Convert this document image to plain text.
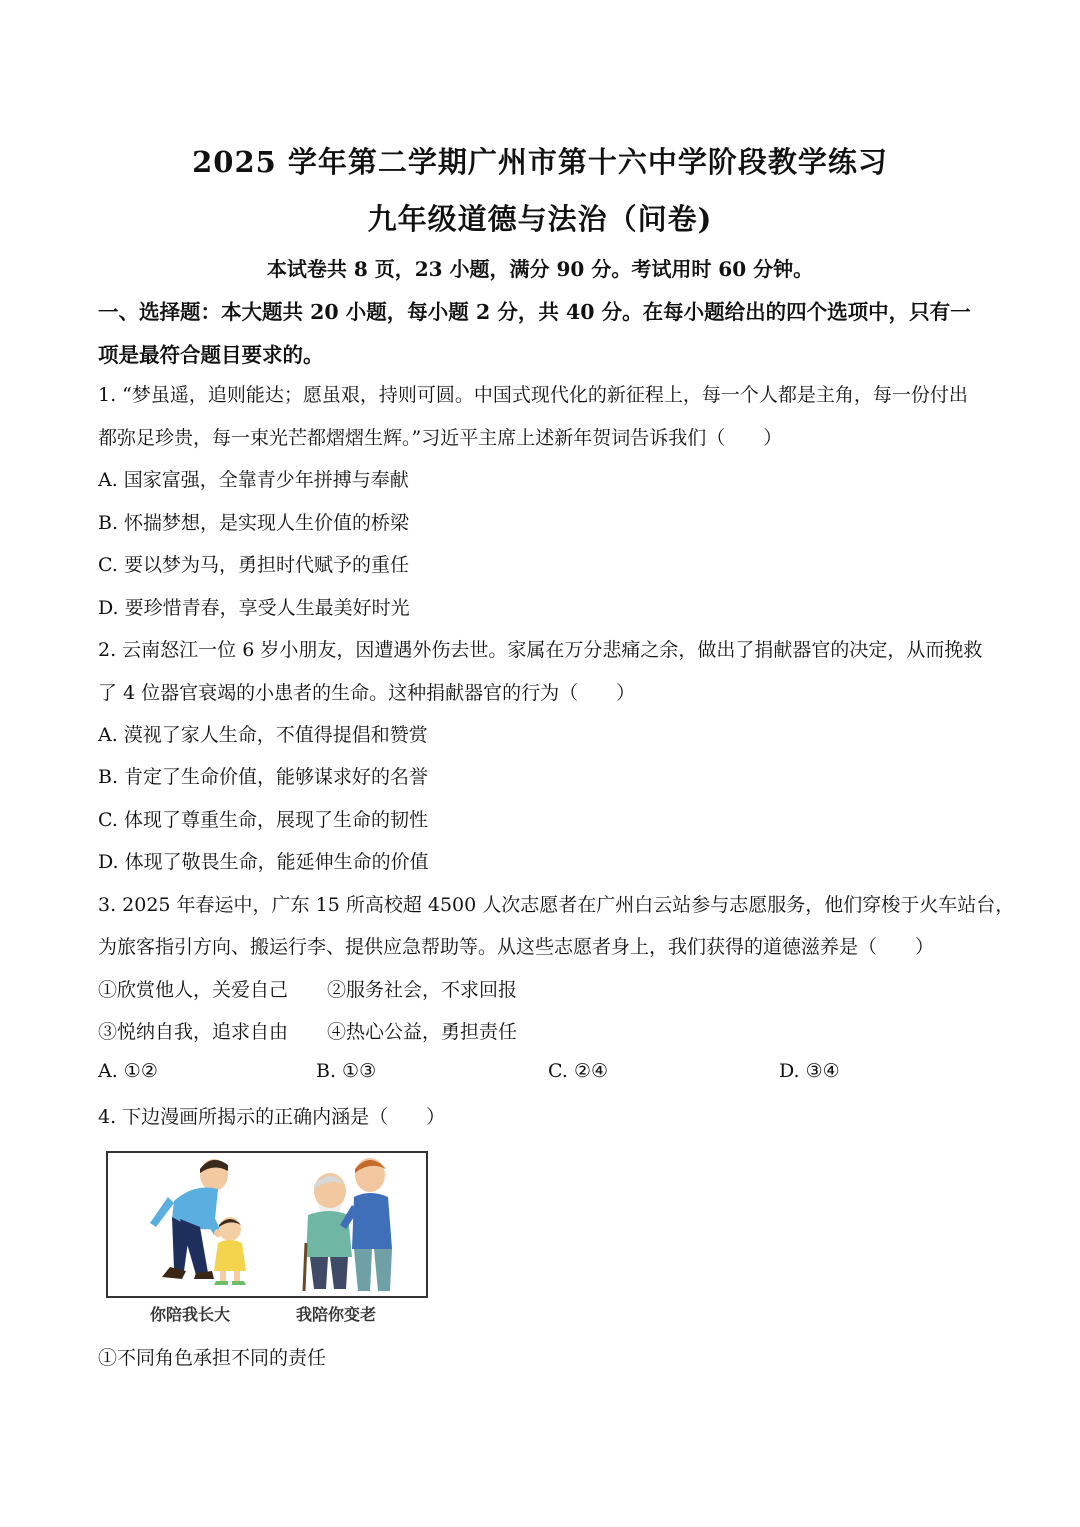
2025 学年第二学期广州市第十六中学阶段教学练习
九年级道德与法治（问卷)
本试卷共 8 页，23 小题，满分 90 分。考试用时 60 分钟。
一、选择题：本大题共 20 小题，每小题 2 分，共 40 分。在每小题给出的四个选项中，只有一
项是最符合题目要求的。
1. “梦虽遥，追则能达；愿虽艰，持则可圆。中国式现代化的新征程上，每一个人都是主角，每一份付出
都弥足珍贵，每一束光芒都熠熠生辉。”习近平主席上述新年贺词告诉我们（　　）
A. 国家富强，全靠青少年拼搏与奉献
B. 怀揣梦想，是实现人生价值的桥梁
C. 要以梦为马，勇担时代赋予的重任
D. 要珍惜青春，享受人生最美好时光
2. 云南怒江一位 6 岁小朋友，因遭遇外伤去世。家属在万分悲痛之余，做出了捐献器官的决定，从而挽救
了 4 位器官衰竭的小患者的生命。这种捐献器官的行为（　　）
A. 漠视了家人生命，不值得提倡和赞赏
B. 肯定了生命价值，能够谋求好的名誉
C. 体现了尊重生命，展现了生命的韧性
D. 体现了敬畏生命，能延伸生命的价值
3. 2025 年春运中，广东 15 所高校超 4500 人次志愿者在广州白云站参与志愿服务，他们穿梭于火车站台，
为旅客指引方向、搬运行李、提供应急帮助等。从这些志愿者身上，我们获得的道德滋养是（　　）
①欣赏他人，关爱自己 ②服务社会，不求回报
③悦纳自我，追求自由 ④热心公益，勇担责任
A. ①②	B. ①③	C. ②④	D. ③④
4. 下边漫画所揭示的正确内涵是（　　）
你陪我长大	我陪你变老
①不同角色承担不同的责任
